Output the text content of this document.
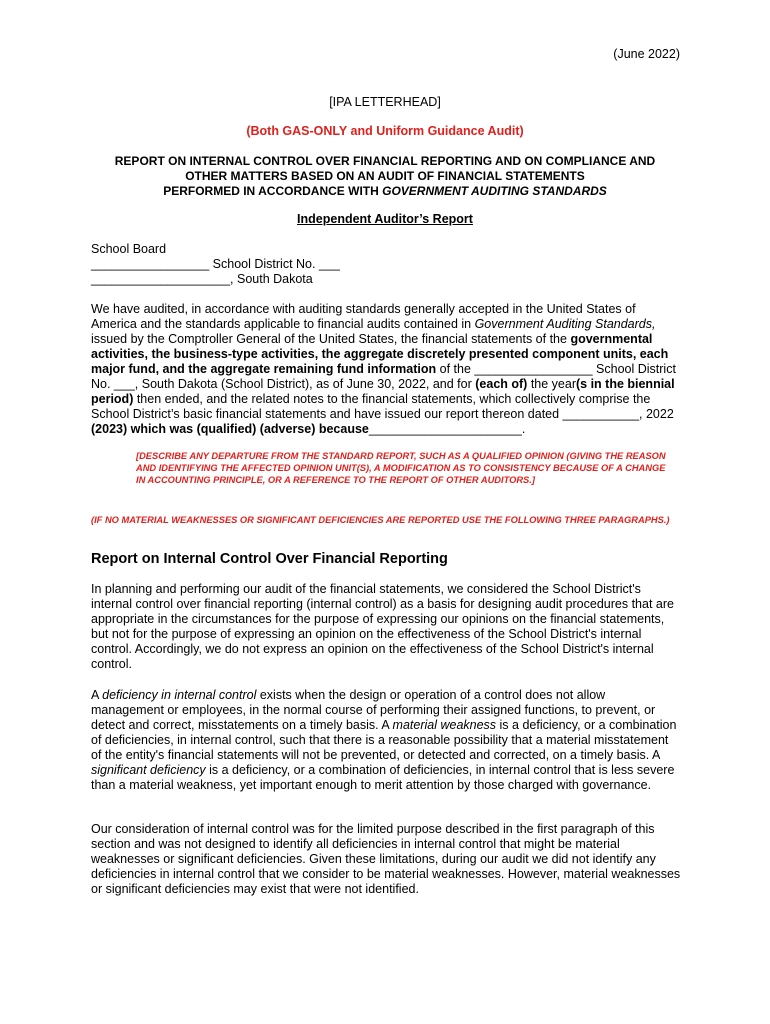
(June 2022)
[IPA LETTERHEAD]
(Both GAS-ONLY and Uniform Guidance Audit)
REPORT ON INTERNAL CONTROL OVER FINANCIAL REPORTING AND ON COMPLIANCE AND
OTHER MATTERS BASED ON AN AUDIT OF FINANCIAL STATEMENTS
PERFORMED IN ACCORDANCE WITH GOVERNMENT AUDITING STANDARDS
Independent Auditor’s Report
School Board
_________________ School District No. ___
____________________, South Dakota
We have audited, in accordance with auditing standards generally accepted in the United States of America and the standards applicable to financial audits contained in Government Auditing Standards, issued by the Comptroller General of the United States, the financial statements of the governmental activities, the business-type activities, the aggregate discretely presented component units, each major fund, and the aggregate remaining fund information of the _________________ School District No. ___, South Dakota (School District), as of June 30, 2022, and for (each of) the year(s in the biennial period) then ended, and the related notes to the financial statements, which collectively comprise the School District’s basic financial statements and have issued our report thereon dated ___________, 2022 (2023) which was (qualified) (adverse) because______________________.
[DESCRIBE ANY DEPARTURE FROM THE STANDARD REPORT, SUCH AS A QUALIFIED OPINION (GIVING THE REASON AND IDENTIFYING THE AFFECTED OPINION UNIT(S), A MODIFICATION AS TO CONSISTENCY BECAUSE OF A CHANGE IN ACCOUNTING PRINCIPLE, OR A REFERENCE TO THE REPORT OF OTHER AUDITORS.]
(IF NO MATERIAL WEAKNESSES OR SIGNIFICANT DEFICIENCIES ARE REPORTED USE THE FOLLOWING THREE PARAGRAPHS.)
Report on Internal Control Over Financial Reporting
In planning and performing our audit of the financial statements, we considered the School District's internal control over financial reporting (internal control) as a basis for designing audit procedures that are appropriate in the circumstances for the purpose of expressing our opinions on the financial statements, but not for the purpose of expressing an opinion on the effectiveness of the School District's internal control. Accordingly, we do not express an opinion on the effectiveness of the School District's internal control.
A deficiency in internal control exists when the design or operation of a control does not allow management or employees, in the normal course of performing their assigned functions, to prevent, or detect and correct, misstatements on a timely basis. A material weakness is a deficiency, or a combination of deficiencies, in internal control, such that there is a reasonable possibility that a material misstatement of the entity's financial statements will not be prevented, or detected and corrected, on a timely basis. A significant deficiency is a deficiency, or a combination of deficiencies, in internal control that is less severe than a material weakness, yet important enough to merit attention by those charged with governance.
Our consideration of internal control was for the limited purpose described in the first paragraph of this section and was not designed to identify all deficiencies in internal control that might be material weaknesses or significant deficiencies. Given these limitations, during our audit we did not identify any deficiencies in internal control that we consider to be material weaknesses. However, material weaknesses or significant deficiencies may exist that were not identified.
